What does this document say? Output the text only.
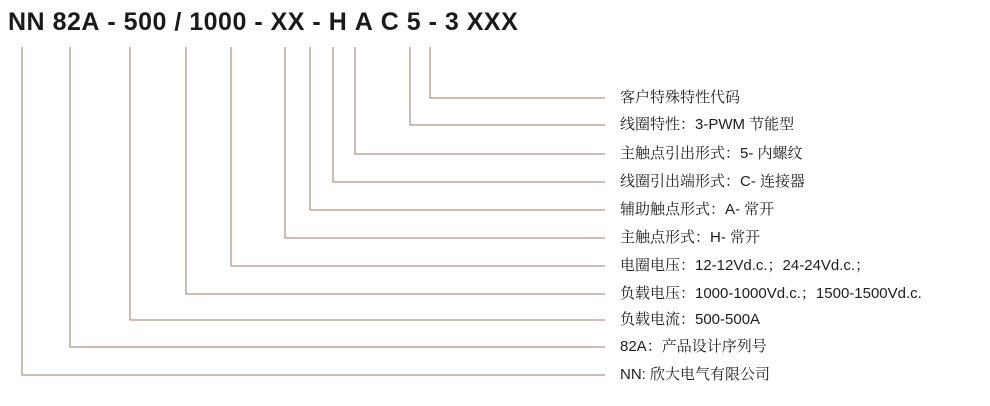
NN 82A - 500 / 1000 - XX - H A C 5 - 3 XXX
客户特殊特性代码
线圈特性：3-PWM 节能型
主触点引出形式：5- 内螺纹
线圈引出端形式：C- 连接器
辅助触点形式：A- 常开
主触点形式：H- 常开
电圈电压：12-12Vd.c.；24-24Vd.c.；
负载电压：1000-1000Vd.c.；1500-1500Vd.c.
负载电流：500-500A
82A：产品设计序列号
NN: 欣大电气有限公司
